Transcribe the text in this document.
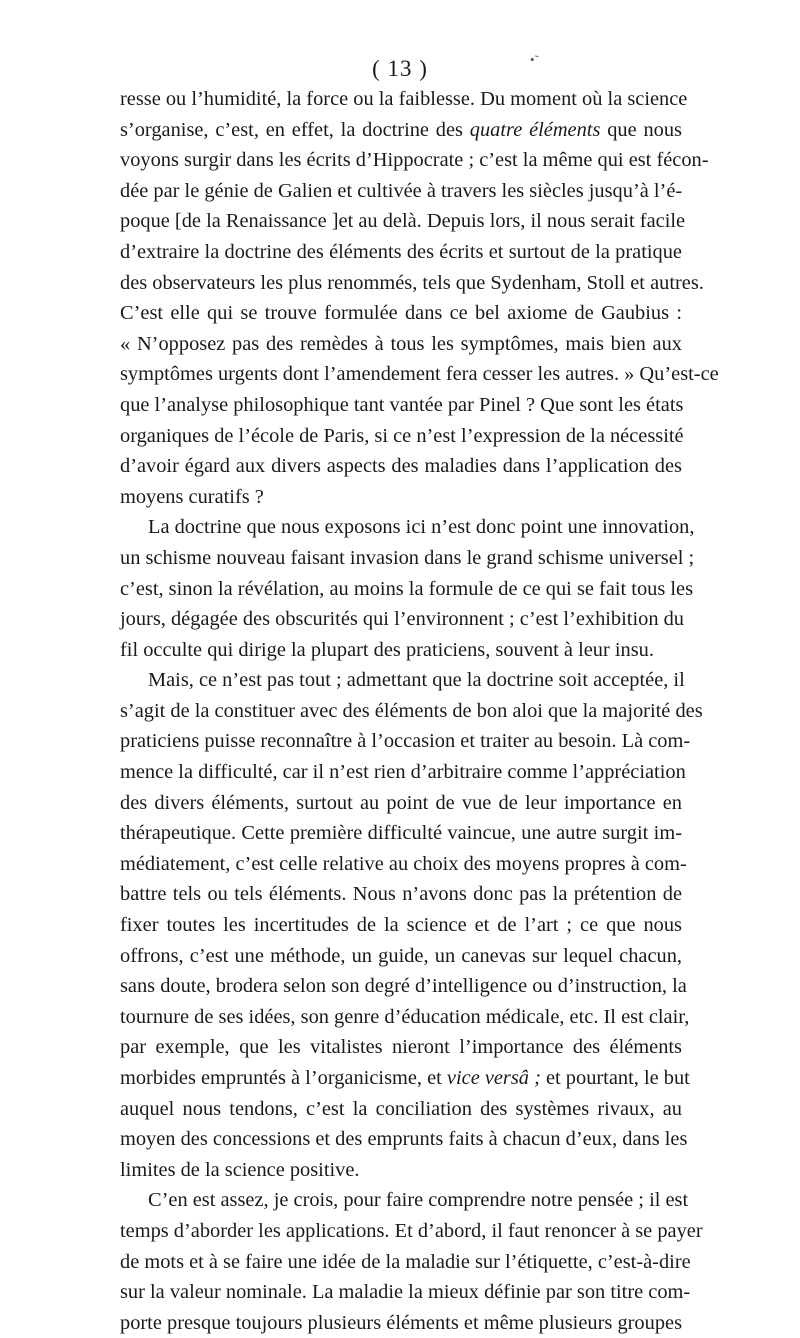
( 13 )	•˜
resse ou l’humidité, la force ou la faiblesse. Du moment où la science
s’organise, c’est, en effet, la doctrine des quatre éléments que nous
voyons surgir dans les écrits d’Hippocrate ; c’est la même qui est fécon-
dée par le génie de Galien et cultivée à travers les siècles jusqu’à l’é-
poque [de la Renaissance ]et au delà. Depuis lors, il nous serait facile
d’extraire la doctrine des éléments des écrits et surtout de la pratique
des observateurs les plus renommés, tels que Sydenham, Stoll et autres.
C’est elle qui se trouve formulée dans ce bel axiome de Gaubius :
« N’opposez pas des remèdes à tous les symptômes, mais bien aux
symptômes urgents dont l’amendement fera cesser les autres. » Qu’est-ce
que l’analyse philosophique tant vantée par Pinel ? Que sont les états
organiques de l’école de Paris, si ce n’est l’expression de la nécessité
d’avoir égard aux divers aspects des maladies dans l’application des
moyens curatifs ?
La doctrine que nous exposons ici n’est donc point une innovation,
un schisme nouveau faisant invasion dans le grand schisme universel ;
c’est, sinon la révélation, au moins la formule de ce qui se fait tous les
jours, dégagée des obscurités qui l’environnent ; c’est l’exhibition du
fil occulte qui dirige la plupart des praticiens, souvent à leur insu.
Mais, ce n’est pas tout ; admettant que la doctrine soit acceptée, il
s’agit de la constituer avec des éléments de bon aloi que la majorité des
praticiens puisse reconnaître à l’occasion et traiter au besoin. Là com-
mence la difficulté, car il n’est rien d’arbitraire comme l’appréciation
des divers éléments, surtout au point de vue de leur importance en
thérapeutique. Cette première difficulté vaincue, une autre surgit im-
médiatement, c’est celle relative au choix des moyens propres à com-
battre tels ou tels éléments. Nous n’avons donc pas la prétention de
fixer toutes les incertitudes de la science et de l’art ; ce que nous
offrons, c’est une méthode, un guide, un canevas sur lequel chacun,
sans doute, brodera selon son degré d’intelligence ou d’instruction, la
tournure de ses idées, son genre d’éducation médicale, etc. Il est clair,
par exemple, que les vitalistes nieront l’importance des éléments
morbides empruntés à l’organicisme, et vice versâ ; et pourtant, le but
auquel nous tendons, c’est la conciliation des systèmes rivaux, au
moyen des concessions et des emprunts faits à chacun d’eux, dans les
limites de la science positive.
C’en est assez, je crois, pour faire comprendre notre pensée ; il est
temps d’aborder les applications. Et d’abord, il faut renoncer à se payer
de mots et à se faire une idée de la maladie sur l’étiquette, c’est-à-dire
sur la valeur nominale. La maladie la mieux définie par son titre com-
porte presque toujours plusieurs éléments et même plusieurs groupes
